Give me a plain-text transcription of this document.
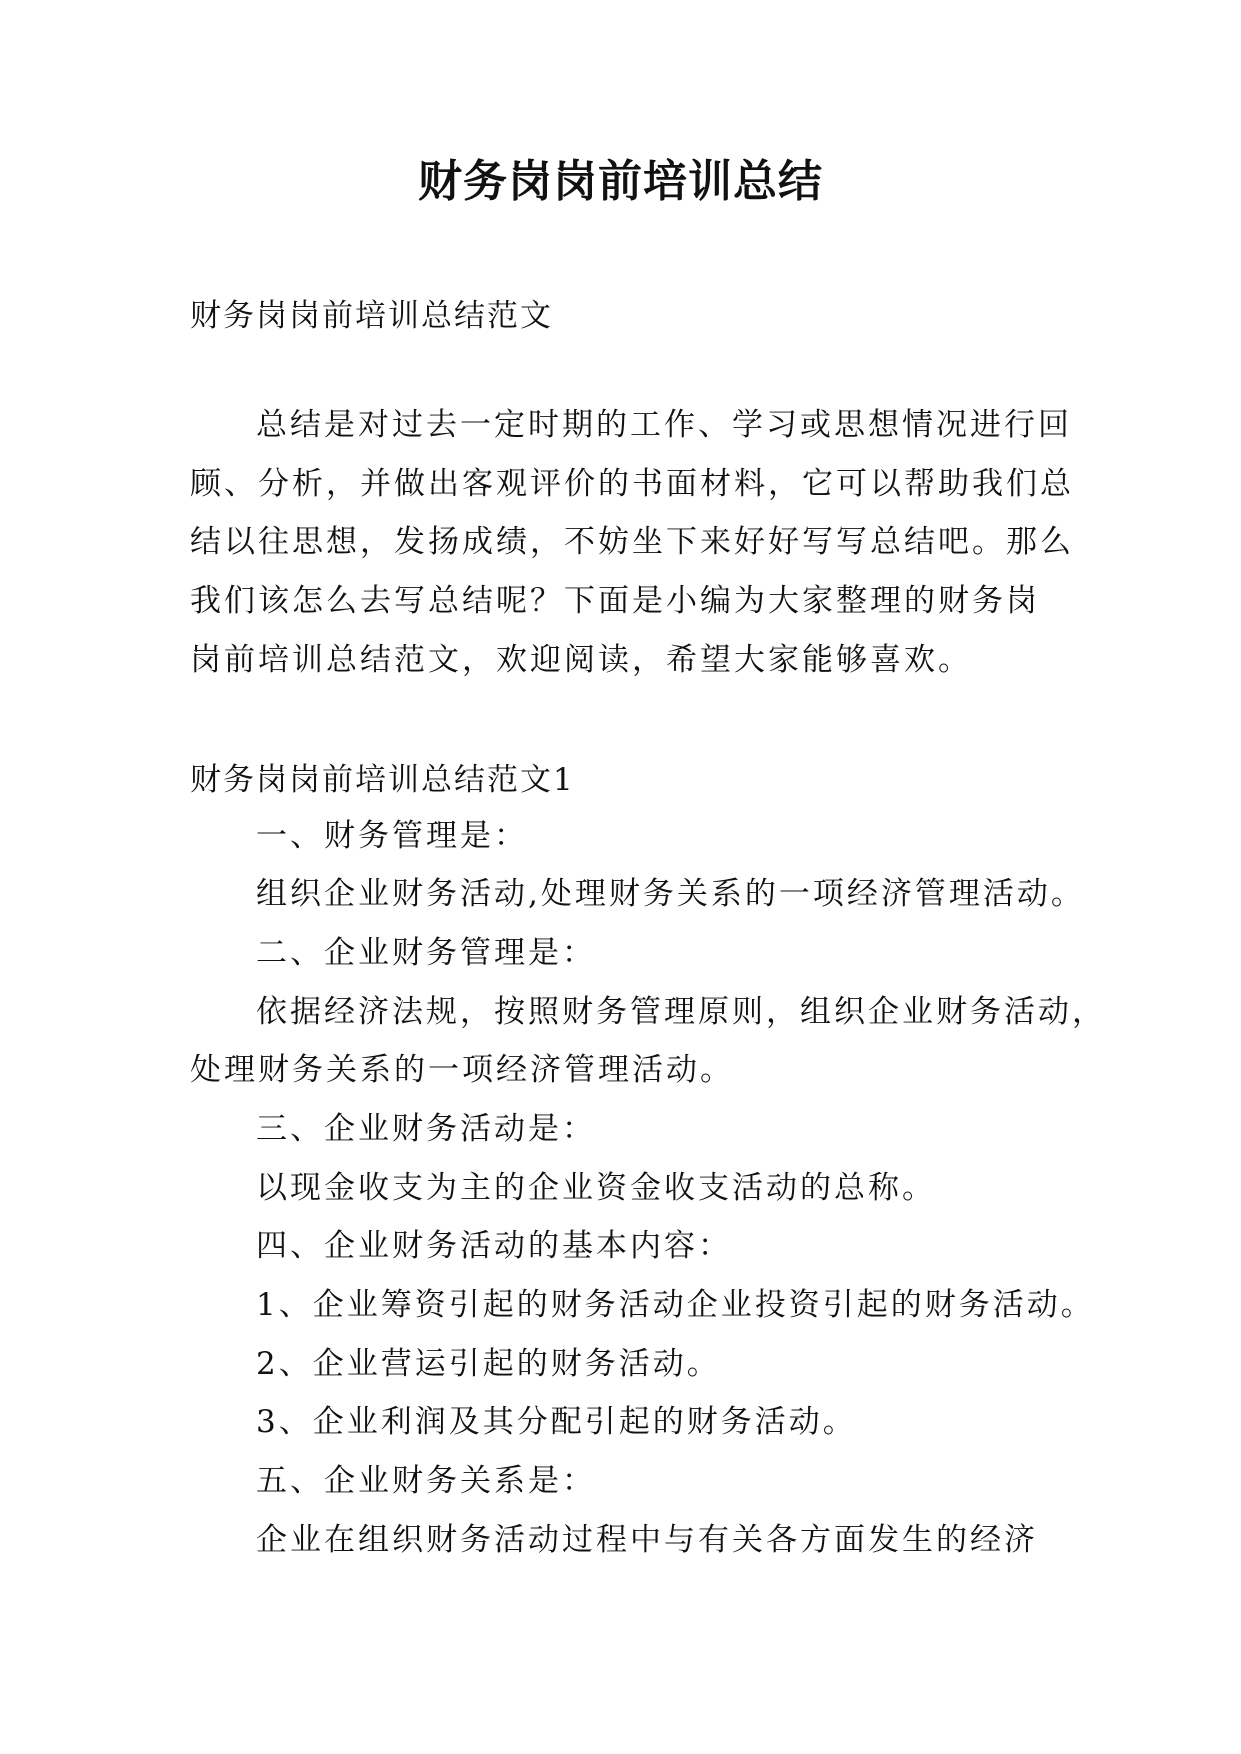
财务岗岗前培训总结
财务岗岗前培训总结范文
总结是对过去一定时期的工作、学习或思想情况进行回
顾、分析，并做出客观评价的书面材料，它可以帮助我们总
结以往思想，发扬成绩，不妨坐下来好好写写总结吧。那么
我们该怎么去写总结呢？下面是小编为大家整理的财务岗
岗前培训总结范文，欢迎阅读，希望大家能够喜欢。
财务岗岗前培训总结范文1
一、财务管理是：
组织企业财务活动,处理财务关系的一项经济管理活动。
二、企业财务管理是：
依据经济法规，按照财务管理原则，组织企业财务活动，
处理财务关系的一项经济管理活动。
三、企业财务活动是：
以现金收支为主的企业资金收支活动的总称。
四、企业财务活动的基本内容：
1、企业筹资引起的财务活动企业投资引起的财务活动。
2、企业营运引起的财务活动。
3、企业利润及其分配引起的财务活动。
五、企业财务关系是：
企业在组织财务活动过程中与有关各方面发生的经济
